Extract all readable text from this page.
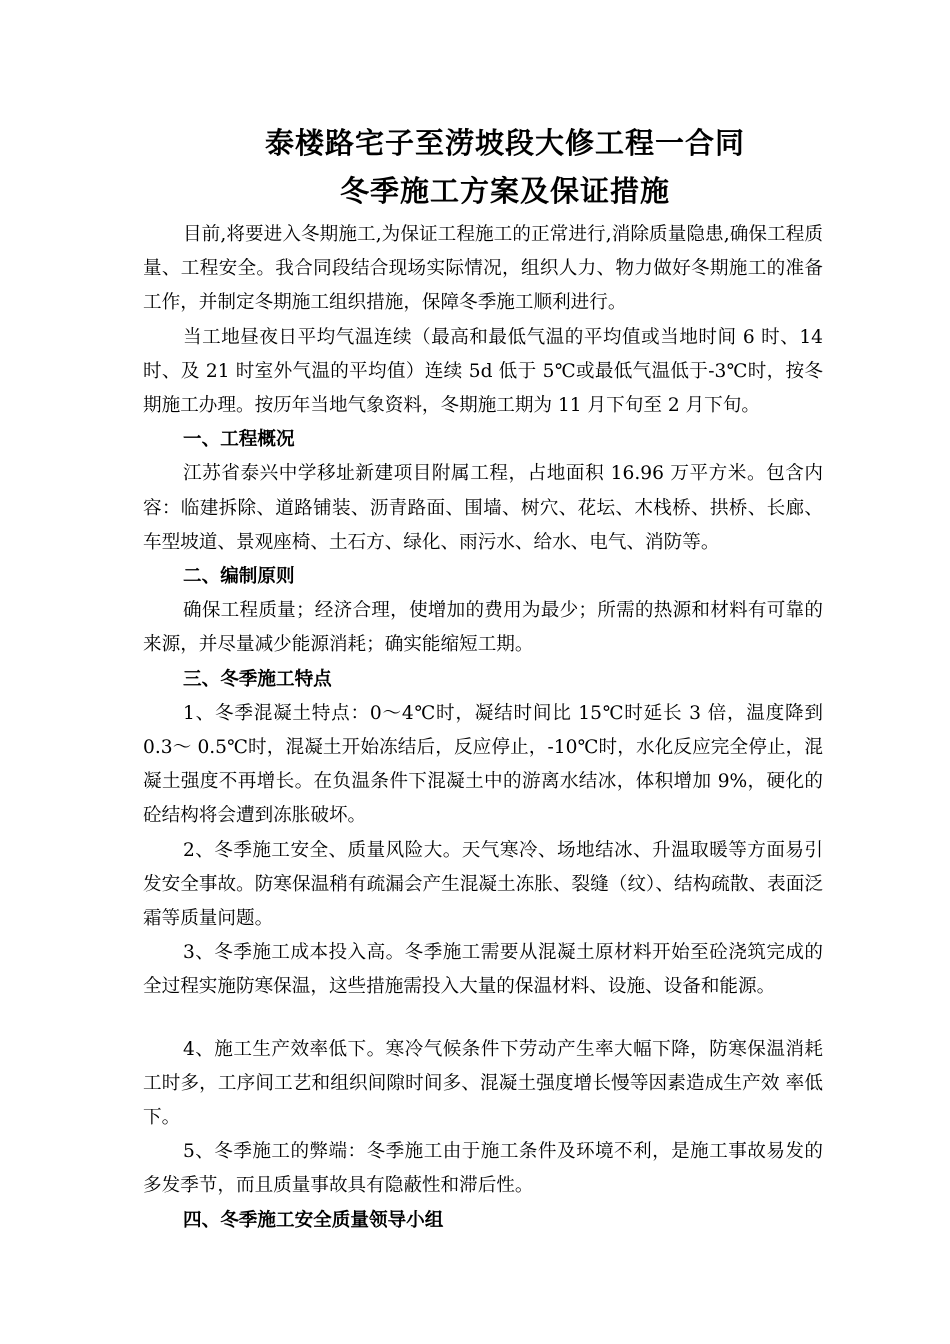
泰楼路宅子至涝坡段大修工程一合同
冬季施工方案及保证措施

目前,将要进入冬期施工,为保证工程施工的正常进行,消除质量隐患,确保工程质量、工程安全。我合同段结合现场实际情况，组织人力、物力做好冬期施工的准备工作，并制定冬期施工组织措施，保障冬季施工顺利进行。

当工地昼夜日平均气温连续（最高和最低气温的平均值或当地时间 6 时、14 时、及 21 时室外气温的平均值）连续 5d 低于 5℃或最低气温低于-3℃时，按冬期施工办理。按历年当地气象资料，冬期施工期为 11 月下旬至 2 月下旬。

一、工程概况

江苏省泰兴中学移址新建项目附属工程，占地面积 16.96 万平方米。包含内容：临建拆除、道路铺装、沥青路面、围墙、树穴、花坛、木栈桥、拱桥、长廊、车型坡道、景观座椅、土石方、绿化、雨污水、给水、电气、消防等。

二、编制原则

确保工程质量；经济合理，使增加的费用为最少；所需的热源和材料有可靠的来源，并尽量减少能源消耗；确实能缩短工期。

三、冬季施工特点

1、冬季混凝土特点：0～4℃时，凝结时间比 15℃时延长 3 倍，温度降到 0.3～ 0.5℃时，混凝土开始冻结后，反应停止，-10℃时，水化反应完全停止，混凝土强度不再增长。在负温条件下混凝土中的游离水结冰，体积增加 9%，硬化的砼结构将会遭到冻胀破坏。

2、冬季施工安全、质量风险大。天气寒冷、场地结冰、升温取暖等方面易引发安全事故。防寒保温稍有疏漏会产生混凝土冻胀、裂缝（纹）、结构疏散、表面泛霜等质量问题。

3、冬季施工成本投入高。冬季施工需要从混凝土原材料开始至砼浇筑完成的全过程实施防寒保温，这些措施需投入大量的保温材料、设施、设备和能源。

4、施工生产效率低下。寒冷气候条件下劳动产生率大幅下降，防寒保温消耗工时多，工序间工艺和组织间隙时间多、混凝土强度增长慢等因素造成生产效 率低下。

5、冬季施工的弊端：冬季施工由于施工条件及环境不利，是施工事故易发的多发季节，而且质量事故具有隐蔽性和滞后性。

四、冬季施工安全质量领导小组
